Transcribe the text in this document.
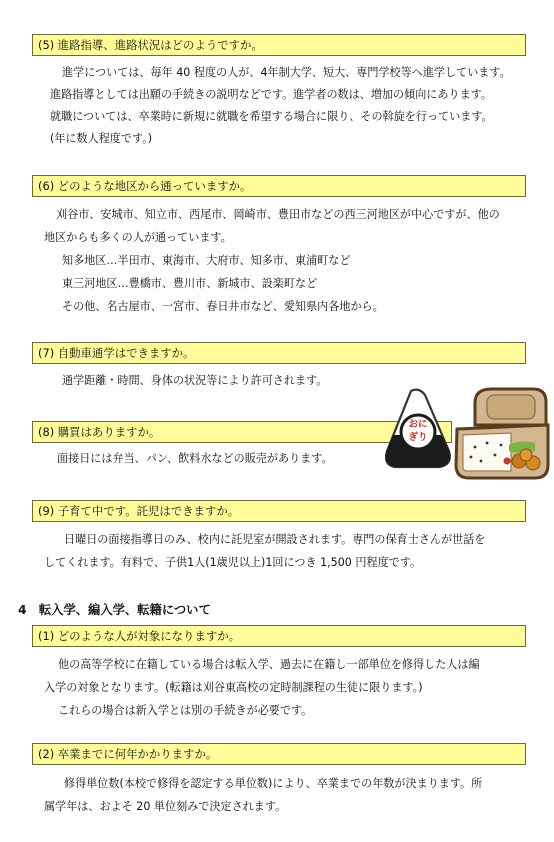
(5) 進路指導、進路状況はどのようですか。
進学については、毎年 40 程度の人が、4年制大学、短大、専門学校等へ進学しています。
進路指導としては出願の手続きの説明などです。進学者の数は、増加の傾向にあります。
就職については、卒業時に新規に就職を希望する場合に限り、その斡旋を行っています。
(年に数人程度です。)
(6) どのような地区から通っていますか。
刈谷市、安城市、知立市、西尾市、岡崎市、豊田市などの西三河地区が中心ですが、他の
地区からも多くの人が通っています。
知多地区…半田市、東海市、大府市、知多市、東浦町など
東三河地区…豊橋市、豊川市、新城市、設楽町など
その他、名古屋市、一宮市、春日井市など、愛知県内各地から。
(7) 自動車通学はできますか。
通学距離・時間、身体の状況等により許可されます。
(8) 購買はありますか。
面接日には弁当、パン、飲料水などの販売があります。
おに
ぎり
(9) 子育て中です。託児はできますか。
日曜日の面接指導日のみ、校内に託児室が開設されます。専門の保育士さんが世話を
してくれます。有料で、子供1人(1歳児以上)1回につき 1,500 円程度です。
4　転入学、編入学、転籍について
(1) どのような人が対象になりますか。
他の高等学校に在籍している場合は転入学、過去に在籍し一部単位を修得した人は編
入学の対象となります。(転籍は刈谷東高校の定時制課程の生徒に限ります。)
これらの場合は新入学とは別の手続きが必要です。
(2) 卒業までに何年かかりますか。
修得単位数(本校で修得を認定する単位数)により、卒業までの年数が決まります。所
属学年は、およそ 20 単位刻みで決定されます。
